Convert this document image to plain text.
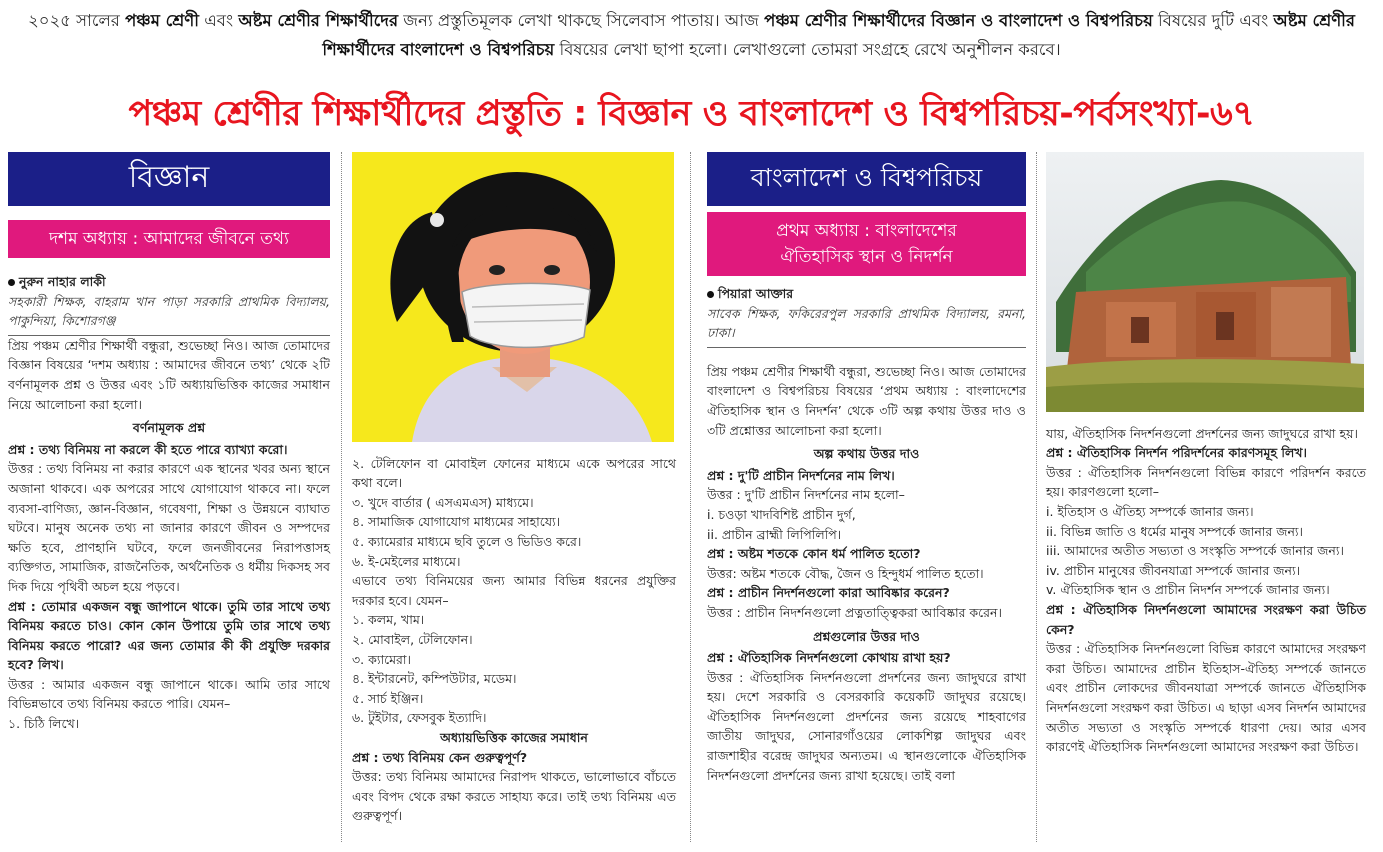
২০২৫ সালের পঞ্চম শ্রেণী এবং অষ্টম শ্রেণীর শিক্ষার্থীদের জন্য প্রস্তুতিমূলক লেখা থাকছে সিলেবাস পাতায়। আজ পঞ্চম শ্রেণীর শিক্ষার্থীদের বিজ্ঞান ও বাংলাদেশ ও বিশ্বপরিচয় বিষয়ের দুটি এবং অষ্টম শ্রেণীর শিক্ষার্থীদের বাংলাদেশ ও বিশ্বপরিচয় বিষয়ের লেখা ছাপা হলো। লেখাগুলো তোমরা সংগ্রহে রেখে অনুশীলন করবে।
পঞ্চম শ্রেণীর শিক্ষার্থীদের প্রস্তুতি : বিজ্ঞান ও বাংলাদেশ ও বিশ্বপরিচয়-পর্বসংখ্যা-৬৭
বিজ্ঞান
দশম অধ্যায় : আমাদের জীবনে তথ্য
নুরুন নাহার লাকী

সহকারী শিক্ষক, বাহরাম খান পাড়া সরকারি প্রাথমিক বিদ্যালয়, পাকুন্দিয়া, কিশোরগঞ্জ

প্রিয় পঞ্চম শ্রেণীর শিক্ষার্থী বন্ধুরা, শুভেচ্ছা নিও। আজ তোমাদের বিজ্ঞান বিষয়ের ‘দশম অধ্যায় : আমাদের জীবনে তথ্য’ থেকে ২টি বর্ণনামূলক প্রশ্ন ও উত্তর এবং ১টি অধ্যায়ভিত্তিক কাজের সমাধান নিয়ে আলোচনা করা হলো।

বর্ণনামূলক প্রশ্ন

প্রশ্ন : তথ্য বিনিময় না করলে কী হতে পারে ব্যাখ্যা করো।

উত্তর : তথ্য বিনিময় না করার কারণে এক স্থানের খবর অন্য স্থানে অজানা থাকবে। এক অপরের সাথে যোগাযোগ থাকবে না। ফলে ব্যবসা-বাণিজ্য, জ্ঞান-বিজ্ঞান, গবেষণা, শিক্ষা ও উন্নয়নে ব্যাঘাত ঘটবে। মানুষ অনেক তথ্য না জানার কারণে জীবন ও সম্পদের ক্ষতি হবে, প্রাণহানি ঘটবে, ফলে জনজীবনের নিরাপত্তাসহ ব্যক্তিগত, সামাজিক, রাজনৈতিক, অর্থনৈতিক ও ধর্মীয় দিকসহ সব দিক দিয়ে পৃথিবী অচল হয়ে পড়বে।

প্রশ্ন : তোমার একজন বন্ধু জাপানে থাকে। তুমি তার সাথে তথ্য বিনিময় করতে চাও। কোন কোন উপায়ে তুমি তার সাথে তথ্য বিনিময় করতে পারো? এর জন্য তোমার কী কী প্রযুক্তি দরকার হবে? লিখ।

উত্তর : আমার একজন বন্ধু জাপানে থাকে। আমি তার সাথে বিভিন্নভাবে তথ্য বিনিময় করতে পারি। যেমন–

১. চিঠি লিখে।

২. টেলিফোন বা মোবাইল ফোনের মাধ্যমে একে অপরের সাথে কথা বলে।

৩. খুদে বার্তার ( এসএমএস) মাধ্যমে।

৪. সামাজিক যোগাযোগ মাধ্যমের সাহায্যে।

৫. ক্যামেরার মাধ্যমে ছবি তুলে ও ভিডিও করে।

৬. ই-মেইলের মাধ্যমে।

এভাবে তথ্য বিনিময়ের জন্য আমার বিভিন্ন ধরনের প্রযুক্তির দরকার হবে। যেমন–

১. কলম, খাম।

২. মোবাইল, টেলিফোন।

৩. ক্যামেরা।

৪. ইন্টারনেট, কম্পিউটার, মডেম।

৫. সার্চ ইঞ্জিন।

৬. টুইটার, ফেসবুক ইত্যাদি।

অধ্যায়ভিত্তিক কাজের সমাধান

প্রশ্ন : তথ্য বিনিময় কেন গুরুত্বপূর্ণ?

উত্তর: তথ্য বিনিময় আমাদের নিরাপদ থাকতে, ভালোভাবে বাঁচতে এবং বিপদ থেকে রক্ষা করতে সাহায্য করে। তাই তথ্য বিনিময় এত গুরুত্বপূর্ণ।

বাংলাদেশ ও বিশ্বপরিচয়
প্রথম অধ্যায় : বাংলাদেশের
ঐতিহাসিক স্থান ও নিদর্শন
পিয়ারা আক্তার

সাবেক শিক্ষক, ফকিরেরপুল সরকারি প্রাথমিক বিদ্যালয়, রমনা, ঢাকা।

প্রিয় পঞ্চম শ্রেণীর শিক্ষার্থী বন্ধুরা, শুভেচ্ছা নিও। আজ তোমাদের বাংলাদেশ ও বিশ্বপরিচয় বিষয়ের ‘প্রথম অধ্যায় : বাংলাদেশের ঐতিহাসিক স্থান ও নিদর্শন’ থেকে ৩টি অল্প কথায় উত্তর দাও ও ৩টি প্রশ্নোত্তর আলোচনা করা হলো।

অল্প কথায় উত্তর দাও

প্রশ্ন : দু'টি প্রাচীন নিদর্শনের নাম লিখ।

উত্তর : দু'টি প্রাচীন নিদর্শনের নাম হলো–

i. চওড়া খাদবিশিষ্ট প্রাচীন দুর্গ,

ii. প্রাচীন ব্রাহ্মী লিপিলিপি।

প্রশ্ন : অষ্টম শতকে কোন ধর্ম পালিত হতো?

উত্তর: অষ্টম শতকে বৌদ্ধ, জৈন ও হিন্দুধর্ম পালিত হতো।

প্রশ্ন : প্রাচীন নিদর্শনগুলো কারা আবিষ্কার করেন?

উত্তর : প্রাচীন নিদর্শনগুলো প্রত্নতাত্ত্বিকরা আবিষ্কার করেন।

প্রশ্নগুলোর উত্তর দাও

প্রশ্ন : ঐতিহাসিক নিদর্শনগুলো কোথায় রাখা হয়?

উত্তর : ঐতিহাসিক নিদর্শনগুলো প্রদর্শনের জন্য জাদুঘরে রাখা হয়। দেশে সরকারি ও বেসরকারি কয়েকটি জাদুঘর রয়েছে। ঐতিহাসিক নিদর্শনগুলো প্রদর্শনের জন্য রয়েছে শাহবাগের জাতীয় জাদুঘর, সোনারগাঁওয়ের লোকশিল্প জাদুঘর এবং রাজশাহীর বরেন্দ্র জাদুঘর অন্যতম। এ স্থানগুলোকে ঐতিহাসিক নিদর্শনগুলো প্রদর্শনের জন্য রাখা হয়েছে। তাই বলা

যায়, ঐতিহাসিক নিদর্শনগুলো প্রদর্শনের জন্য জাদুঘরে রাখা হয়।

প্রশ্ন : ঐতিহাসিক নিদর্শন পরিদর্শনের কারণসমূহ লিখ।

উত্তর : ঐতিহাসিক নিদর্শনগুলো বিভিন্ন কারণে পরিদর্শন করতে হয়। কারণগুলো হলো–

i. ইতিহাস ও ঐতিহ্য সম্পর্কে জানার জন্য।

ii. বিভিন্ন জাতি ও ধর্মের মানুষ সম্পর্কে জানার জন্য।

iii. আমাদের অতীত সভ্যতা ও সংস্কৃতি সম্পর্কে জানার জন্য।

iv. প্রাচীন মানুষের জীবনযাত্রা সম্পর্কে জানার জন্য।

v. ঐতিহাসিক স্থান ও প্রাচীন নিদর্শন সম্পর্কে জানার জন্য।

প্রশ্ন : ঐতিহাসিক নিদর্শনগুলো আমাদের সংরক্ষণ করা উচিত কেন?

উত্তর : ঐতিহাসিক নিদর্শনগুলো বিভিন্ন কারণে আমাদের সংরক্ষণ করা উচিত। আমাদের প্রাচীন ইতিহাস-ঐতিহ্য সম্পর্কে জানতে এবং প্রাচীন লোকদের জীবনযাত্রা সম্পর্কে জানতে ঐতিহাসিক নিদর্শনগুলো সংরক্ষণ করা উচিত। এ ছাড়া এসব নিদর্শন আমাদের অতীত সভ্যতা ও সংস্কৃতি সম্পর্কে ধারণা দেয়। আর এসব কারণেই ঐতিহাসিক নিদর্শনগুলো আমাদের সংরক্ষণ করা উচিত।
